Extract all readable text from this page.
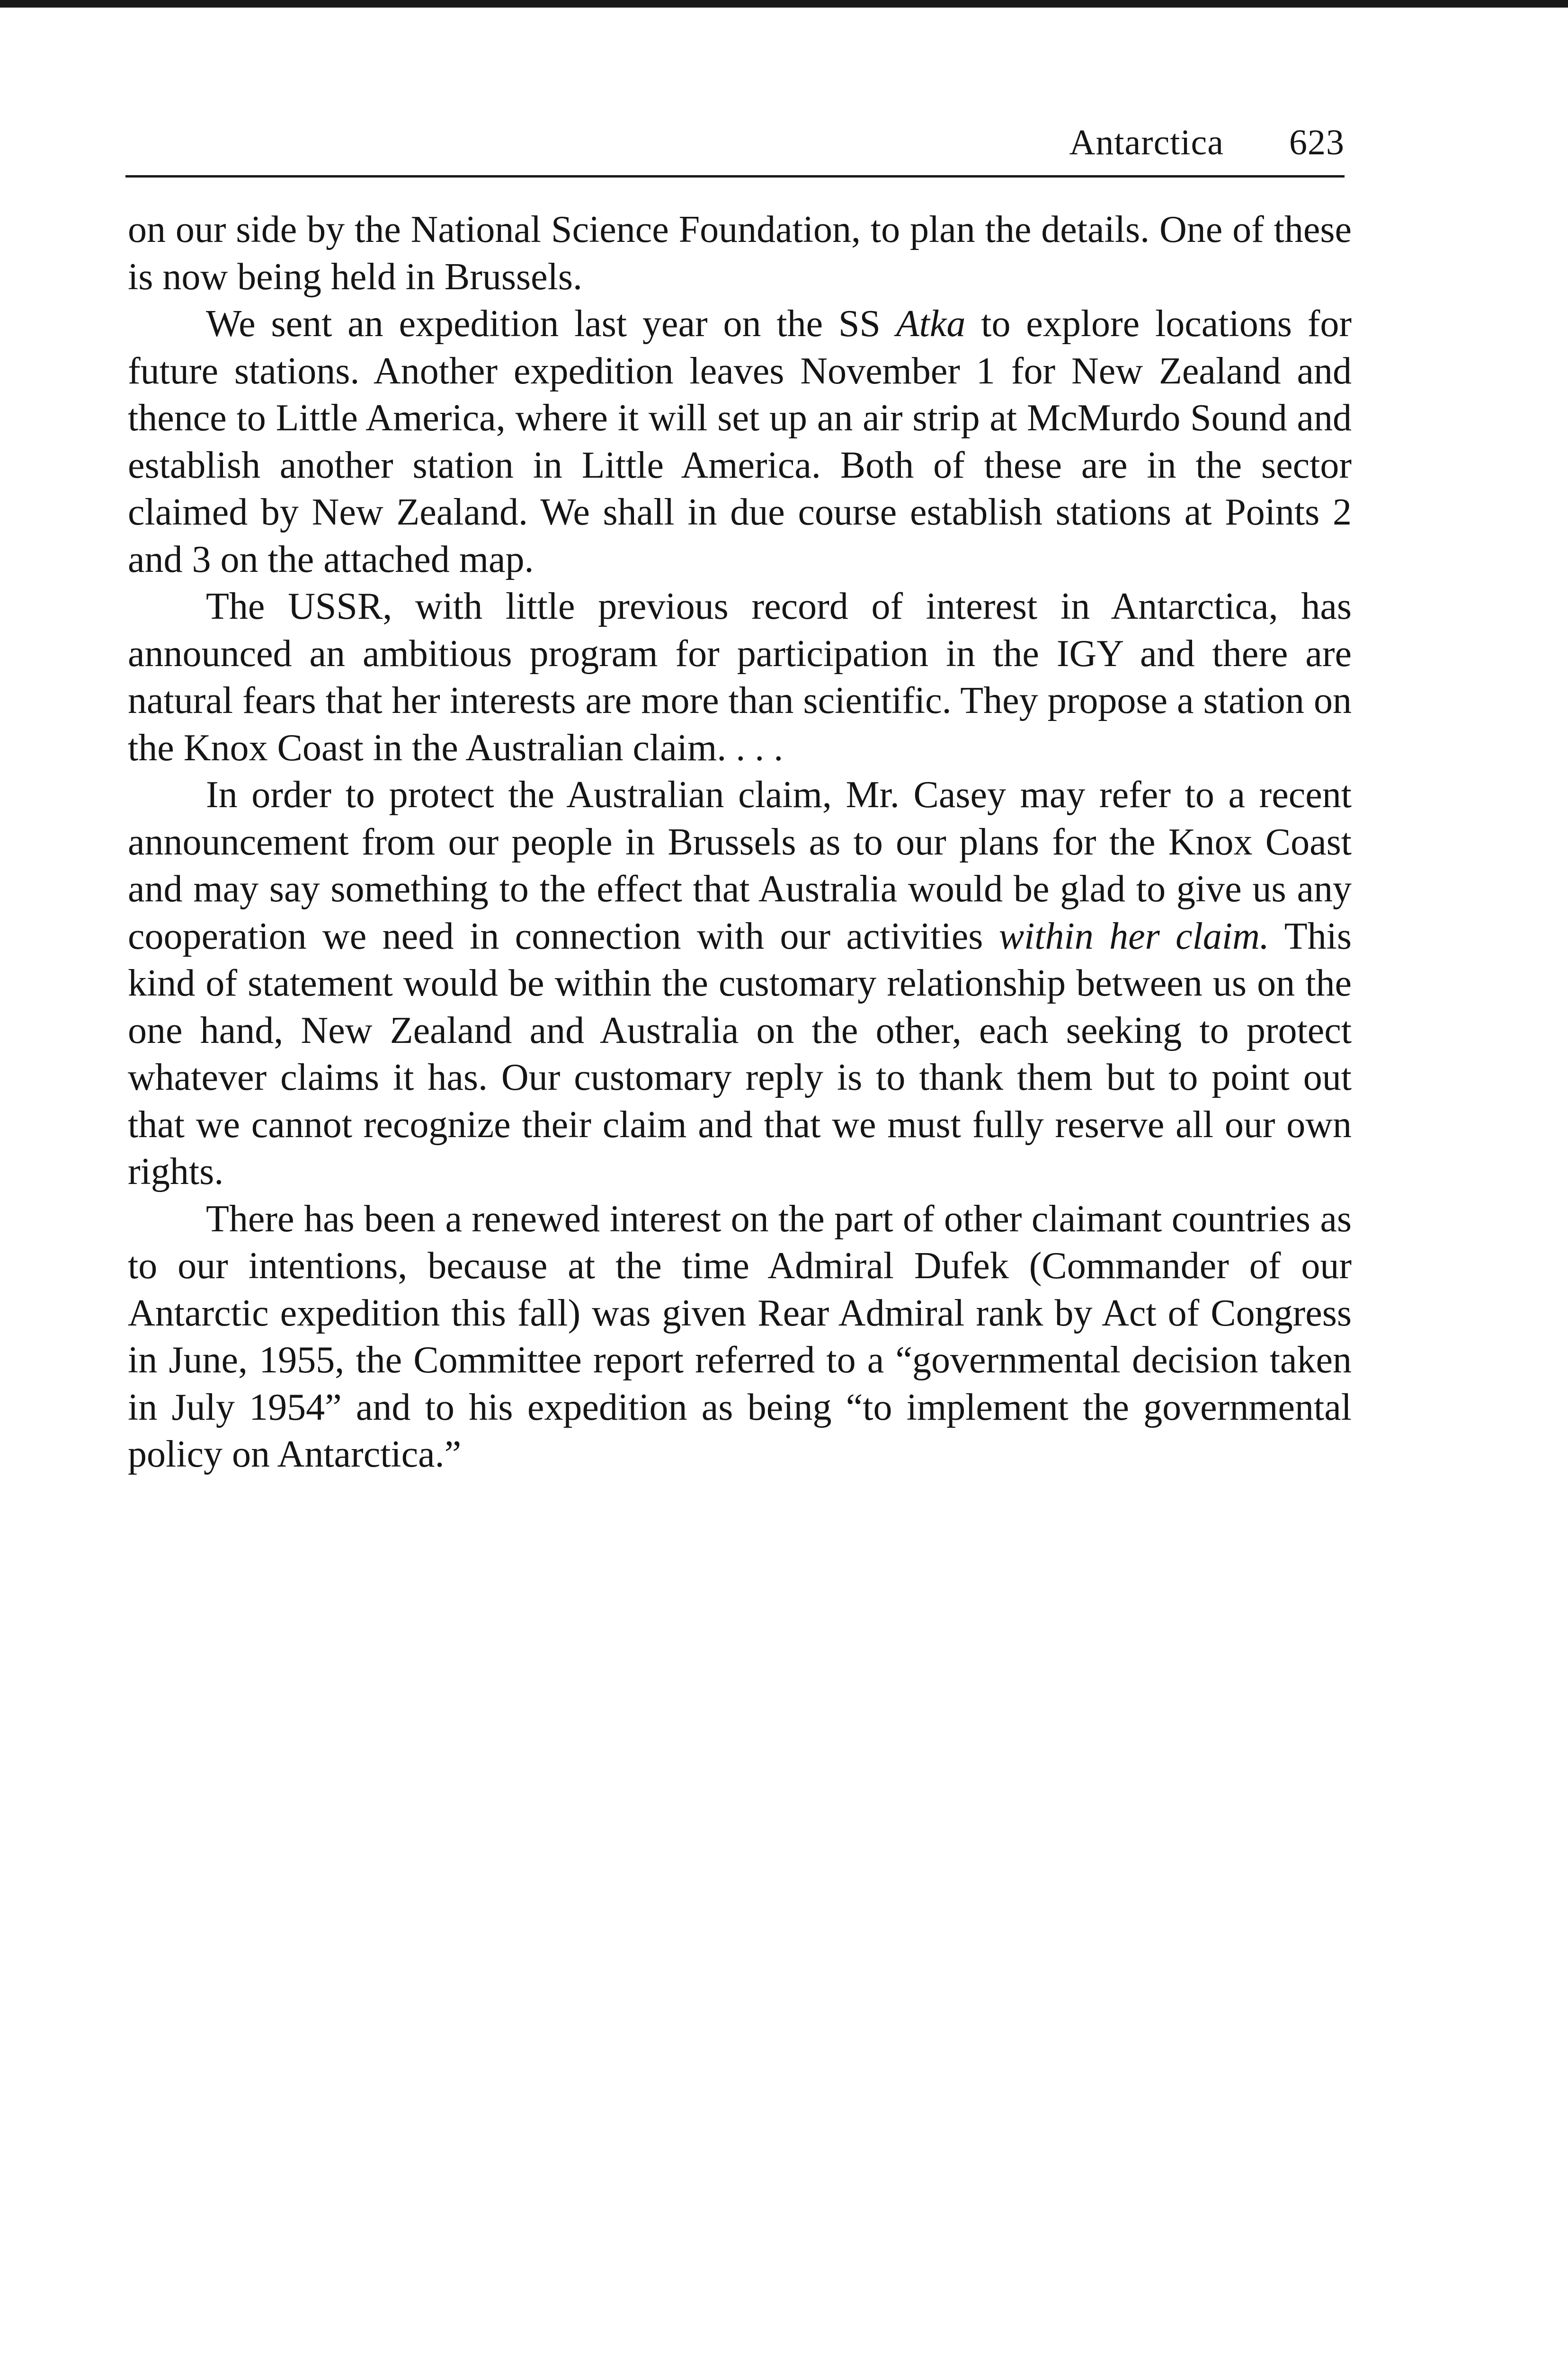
Antarctica 623

on our side by the National Science Foundation, to plan the details. One of these is now being held in Brussels.

We sent an expedition last year on the SS Atka to explore locations for future stations. Another expedition leaves November 1 for New Zealand and thence to Little America, where it will set up an air strip at McMurdo Sound and establish another station in Little America. Both of these are in the sector claimed by New Zealand. We shall in due course establish stations at Points 2 and 3 on the attached map.

The USSR, with little previous record of interest in Antarctica, has announced an ambitious program for participation in the IGY and there are natural fears that her interests are more than scientific. They propose a station on the Knox Coast in the Australian claim. . . .

In order to protect the Australian claim, Mr. Casey may refer to a recent announcement from our people in Brussels as to our plans for the Knox Coast and may say something to the effect that Australia would be glad to give us any cooperation we need in connection with our activities within her claim. This kind of statement would be within the customary relationship between us on the one hand, New Zealand and Australia on the other, each seeking to protect whatever claims it has. Our customary reply is to thank them but to point out that we cannot recognize their claim and that we must fully reserve all our own rights.

There has been a renewed interest on the part of other claimant countries as to our intentions, because at the time Admiral Dufek (Commander of our Antarctic expedition this fall) was given Rear Admiral rank by Act of Congress in June, 1955, the Committee report referred to a “governmental decision taken in July 1954” and to his expedition as being “to implement the governmental policy on Antarctica.”
